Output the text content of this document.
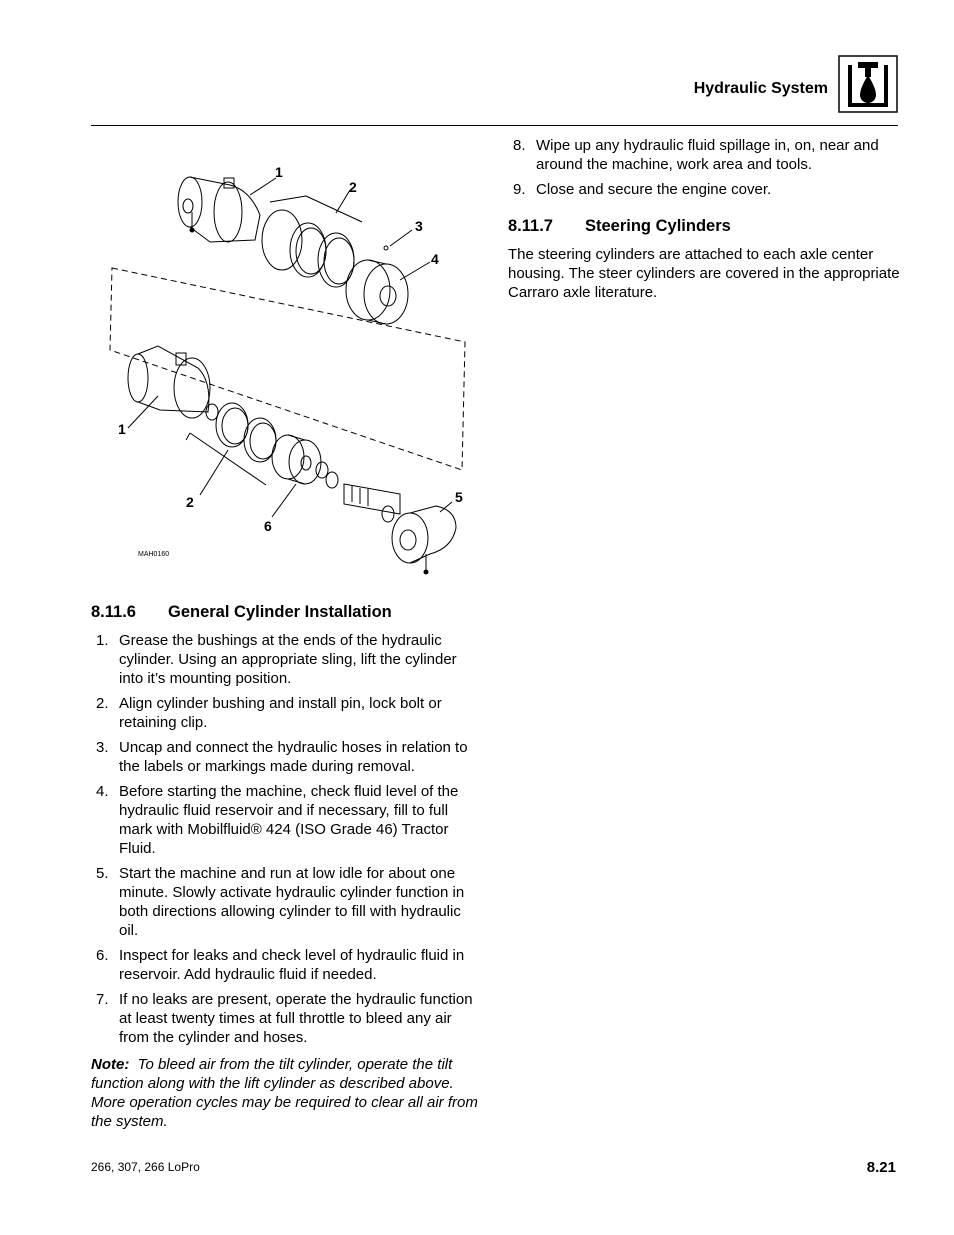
Hydraulic System
1
2
3
4
1
2
6
5
MAH0160
8.11.6 General Cylinder Installation
1. Grease the bushings at the ends of the hydraulic cylinder. Using an appropriate sling, lift the cylinder into it’s mounting position.
2. Align cylinder bushing and install pin, lock bolt or retaining clip.
3. Uncap and connect the hydraulic hoses in relation to the labels or markings made during removal.
4. Before starting the machine, check fluid level of the hydraulic fluid reservoir and if necessary, fill to full mark with Mobilfluid® 424 (ISO Grade 46) Tractor Fluid.
5. Start the machine and run at low idle for about one minute. Slowly activate hydraulic cylinder function in both directions allowing cylinder to fill with hydraulic oil.
6. Inspect for leaks and check level of hydraulic fluid in reservoir. Add hydraulic fluid if needed.
7. If no leaks are present, operate the hydraulic function at least twenty times at full throttle to bleed any air from the cylinder and hoses.

Note: To bleed air from the tilt cylinder, operate the tilt function along with the lift cylinder as described above. More operation cycles may be required to clear all air from the system.

8. Wipe up any hydraulic fluid spillage in, on, near and around the machine, work area and tools.
9. Close and secure the engine cover.
8.11.7 Steering Cylinders

The steering cylinders are attached to each axle center housing. The steer cylinders are covered in the appropriate Carraro axle literature.

266, 307, 266 LoPro	8.21
